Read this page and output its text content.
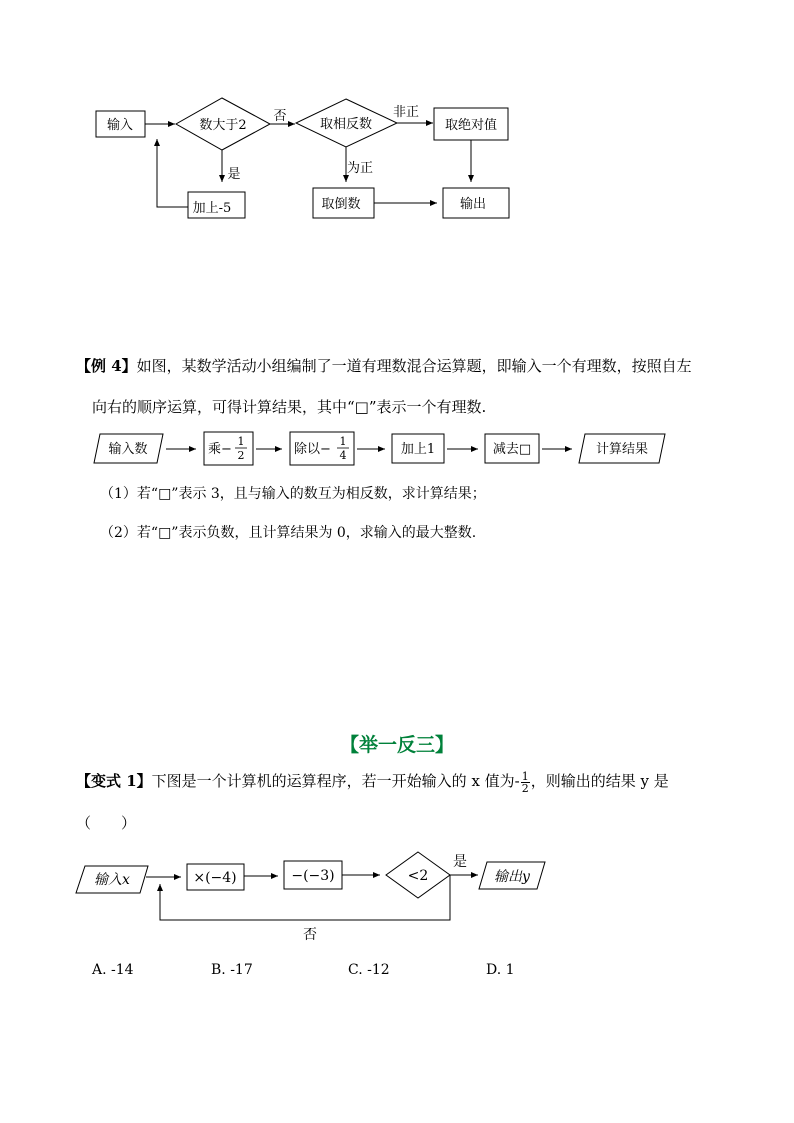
输入	数大于2
否
取相反数
非正
取绝对值
是	为正
加上-5	取倒数	输出
输入数	乘−
1
2	除以−
1
4	加上1	减去□	计算结果
输入x	×(−4)	−(−3)	<2
是
输出y
否
【例 4】如图，某数学活动小组编制了一道有理数混合运算题，即输入一个有理数，按照自左
向右的顺序运算，可得计算结果，其中“□”表示一个有理数.
（1）若“□”表示 3，且与输入的数互为相反数，求计算结果；
（2）若“□”表示负数，且计算结果为 0，求输入的最大整数.
【举一反三】
【变式 1】下图是一个计算机的运算程序，若一开始输入的 x 值为- $\frac{1}{2}$ ，则输出的结果 y 是
（　　）
A. -14	B. -17	C. -12	D. 1
